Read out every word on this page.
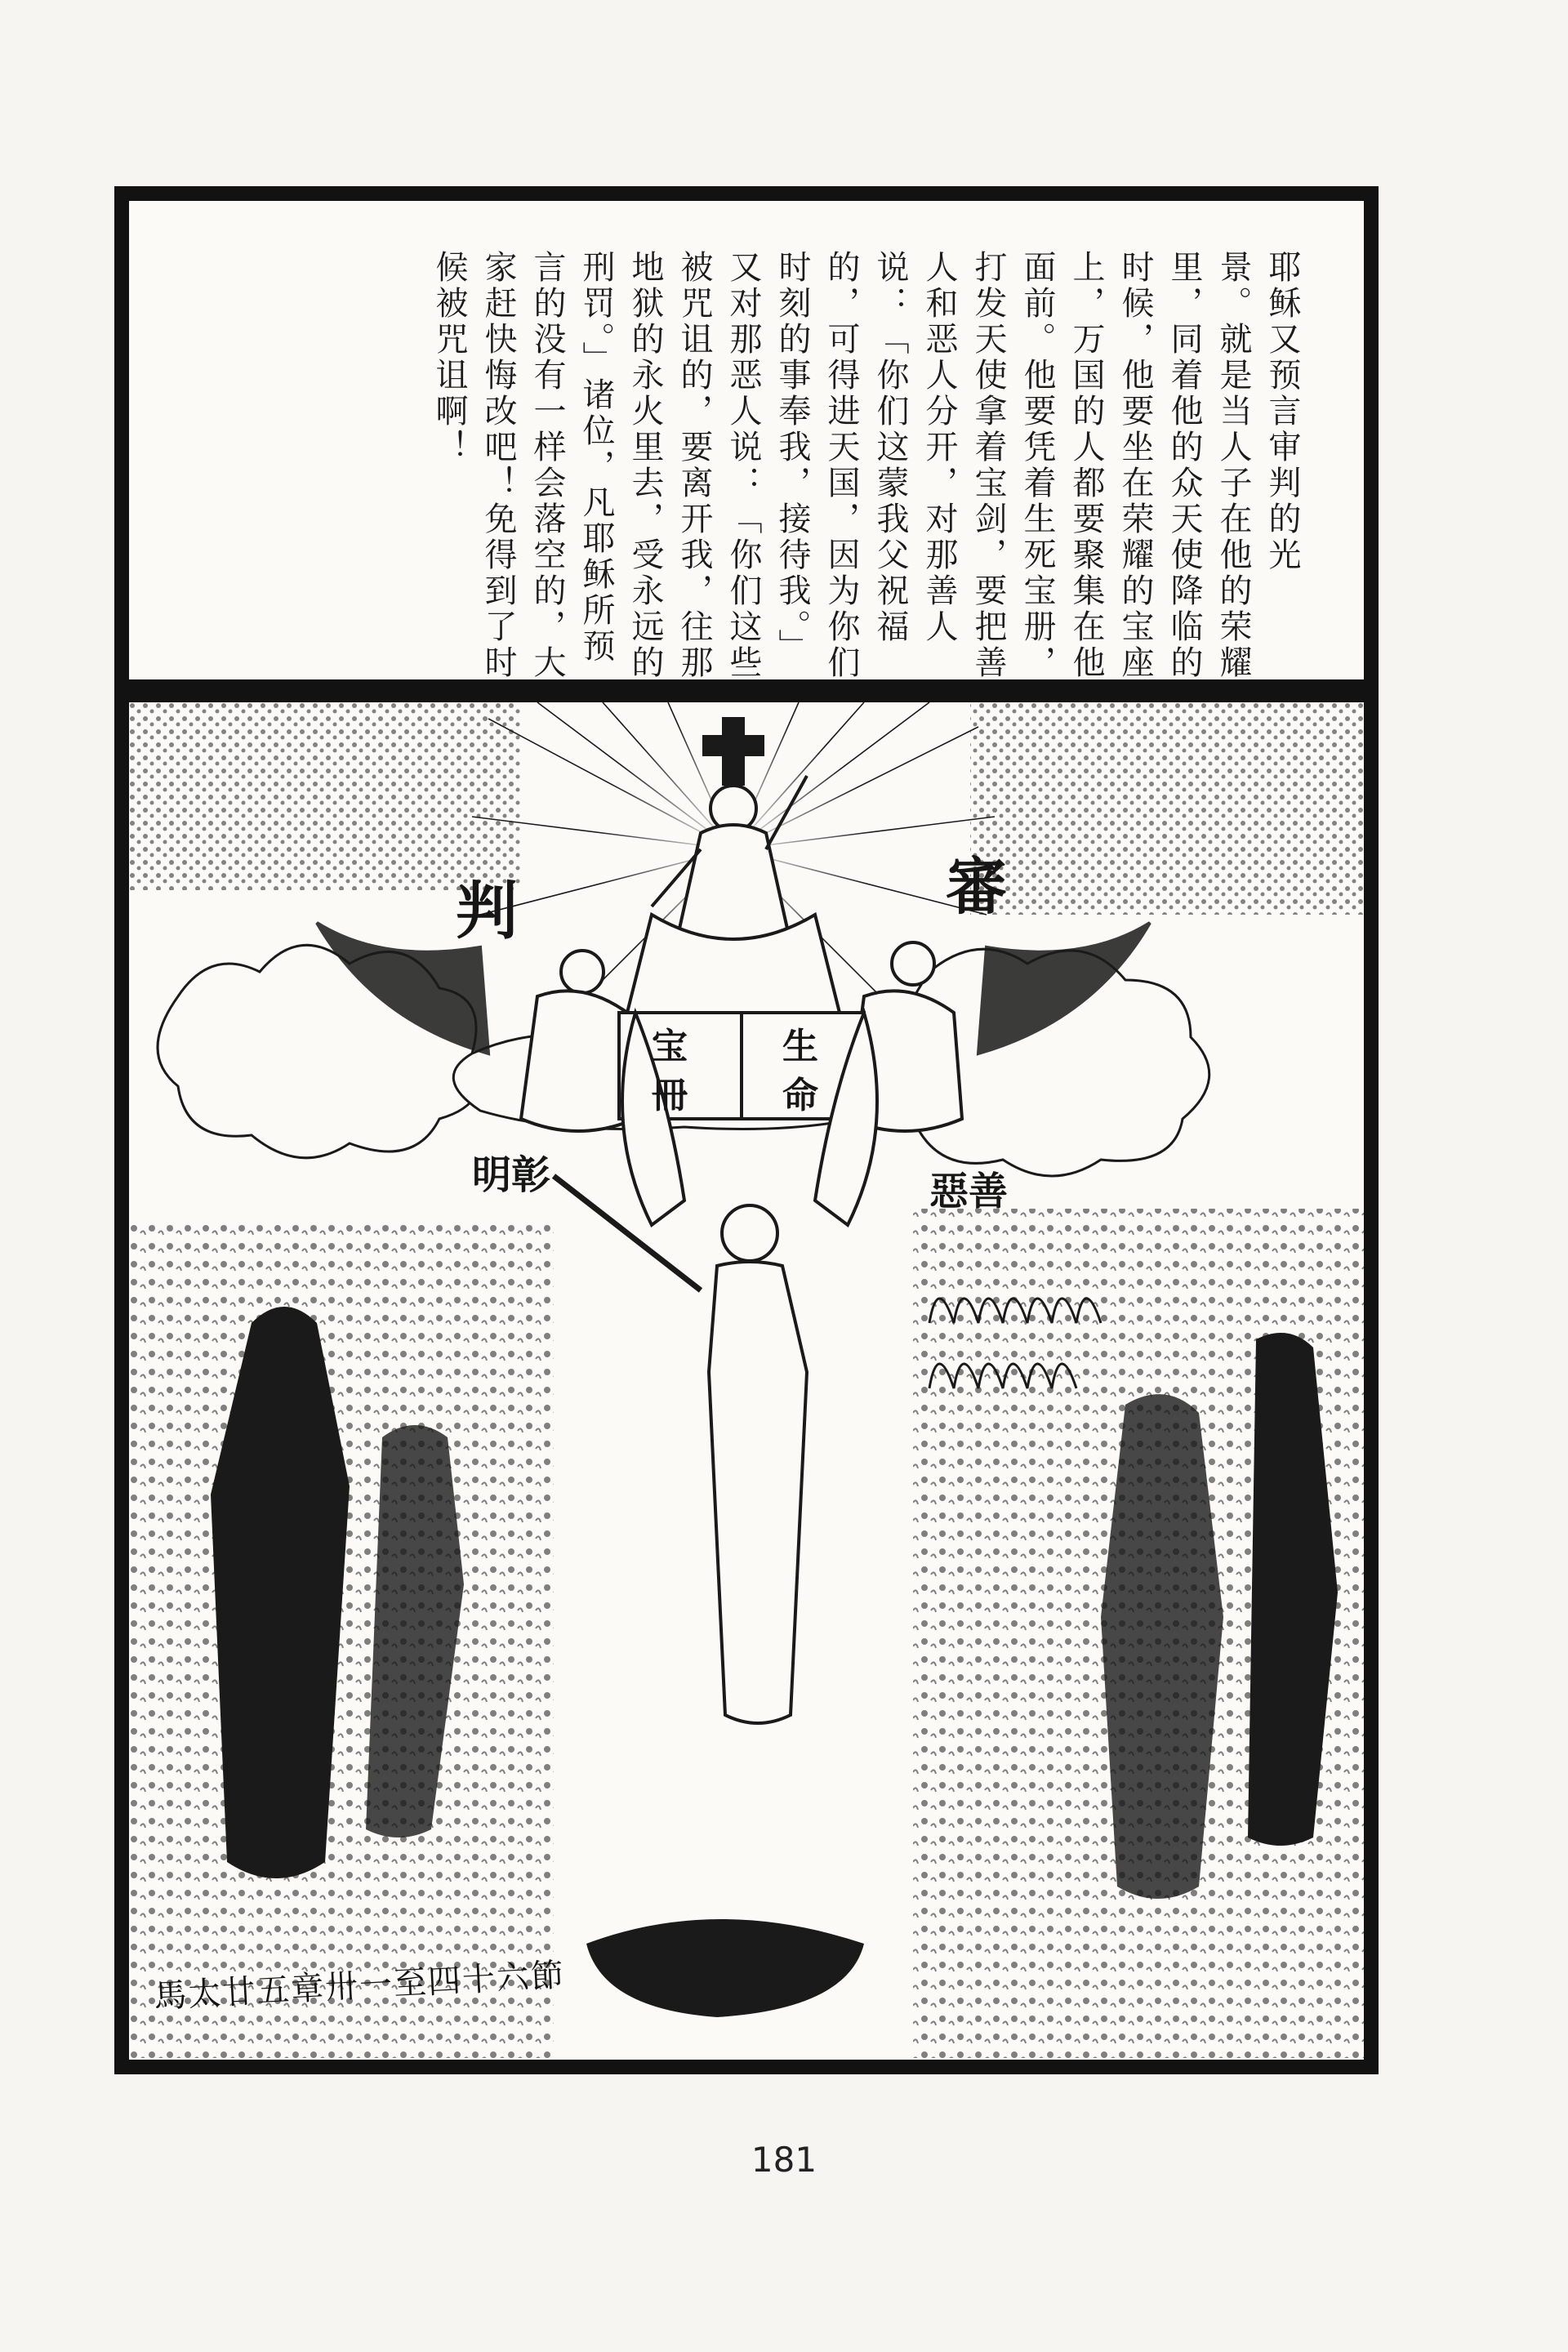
耶稣又预言审判的光
景。就是当人子在他的荣耀
里，同着他的众天使降临的
时候，他要坐在荣耀的宝座
上，万国的人都要聚集在他
面前。他要凭着生死宝册，
打发天使拿着宝剑，要把善
人和恶人分开，对那善人
说：「你们这蒙我父祝福
的，可得进天国，因为你们
时刻的事奉我，接待我。」
又对那恶人说：「你们这些
被咒诅的，要离开我，往那
地狱的永火里去，受永远的
刑罚。」诸位，凡耶稣所预
言的没有一样会落空的，大
家赶快悔改吧！免得到了时
候被咒诅啊！
判	審
宝
冊
生
命
明彰	惡善
馬太廿五章卅一至四十六節
181
